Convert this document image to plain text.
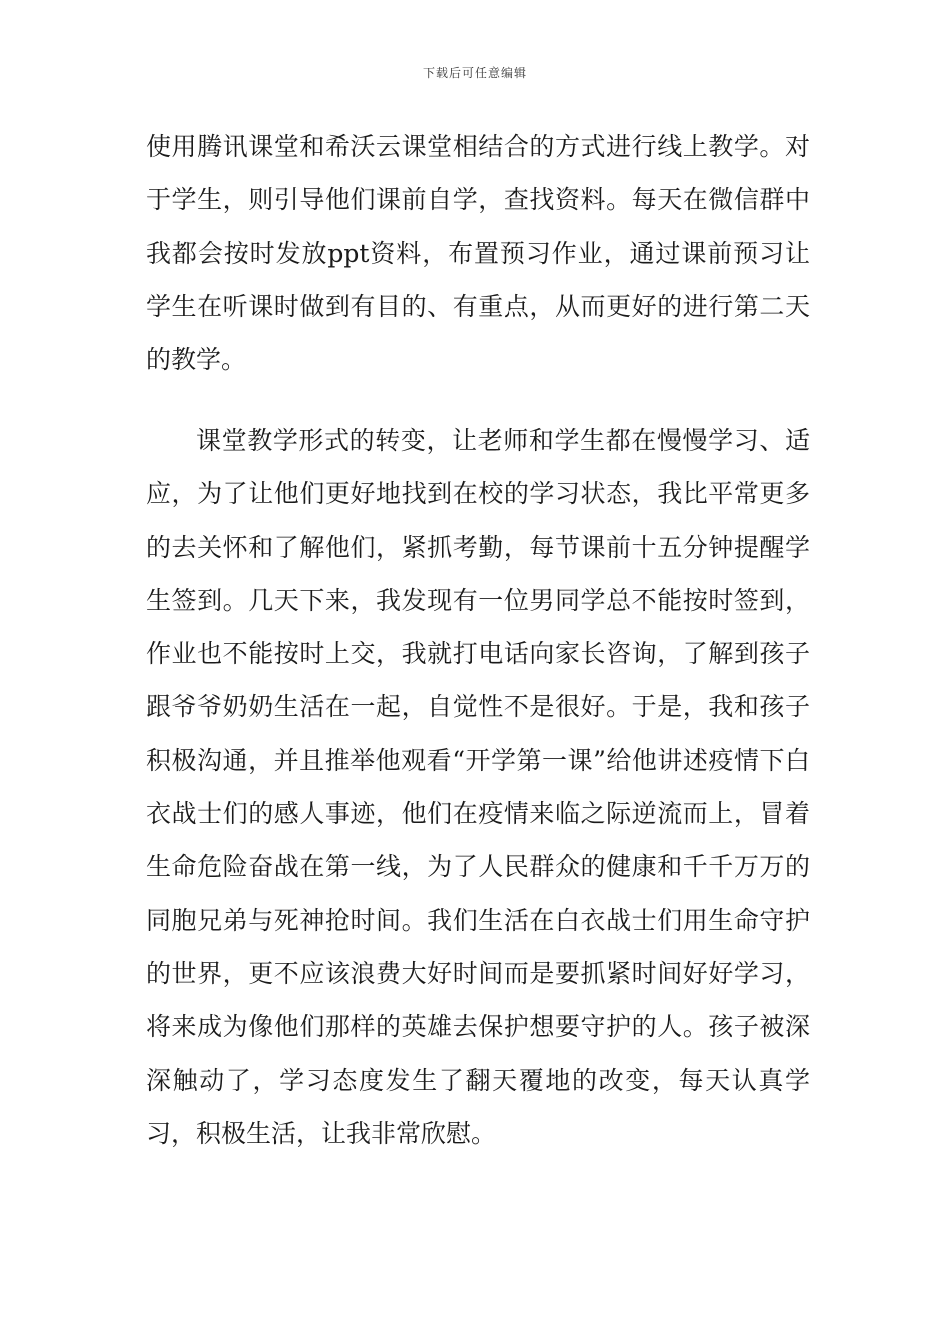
下载后可任意编辑

使用腾讯课堂和希沃云课堂相结合的方式进行线上教学。对于学生，则引导他们课前自学，查找资料。每天在微信群中我都会按时发放ppt资料，布置预习作业，通过课前预习让学生在听课时做到有目的、有重点，从而更好的进行第二天的教学。

课堂教学形式的转变，让老师和学生都在慢慢学习、适应，为了让他们更好地找到在校的学习状态，我比平常更多的去关怀和了解他们，紧抓考勤，每节课前十五分钟提醒学生签到。几天下来，我发现有一位男同学总不能按时签到，作业也不能按时上交，我就打电话向家长咨询，了解到孩子跟爷爷奶奶生活在一起，自觉性不是很好。于是，我和孩子积极沟通，并且推举他观看“开学第一课”给他讲述疫情下白衣战士们的感人事迹，他们在疫情来临之际逆流而上，冒着生命危险奋战在第一线，为了人民群众的健康和千千万万的同胞兄弟与死神抢时间。我们生活在白衣战士们用生命守护的世界，更不应该浪费大好时间而是要抓紧时间好好学习，将来成为像他们那样的英雄去保护想要守护的人。孩子被深深触动了，学习态度发生了翻天覆地的改变，每天认真学习，积极生活，让我非常欣慰。
